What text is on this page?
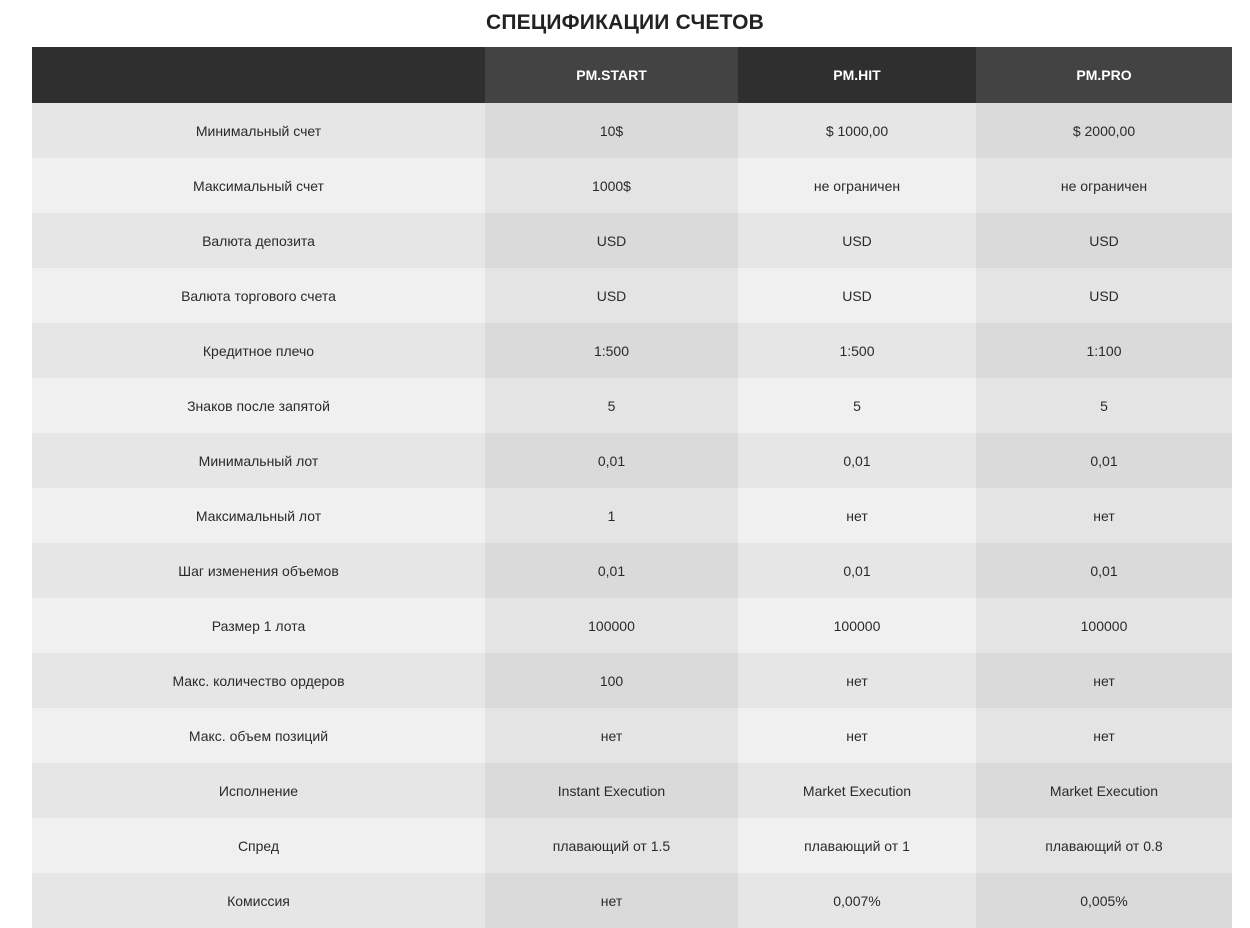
СПЕЦИФИКАЦИИ СЧЕТОВ
	PM.START	PM.HIT	PM.PRO
Минимальный счет	10$	$ 1000,00	$ 2000,00
Максимальный счет	1000$	не ограничен	не ограничен
Валюта депозита	USD	USD	USD
Валюта торгового счета	USD	USD	USD
Кредитное плечо	1:500	1:500	1:100
Знаков после запятой	5	5	5
Минимальный лот	0,01	0,01	0,01
Максимальный лот	1	нет	нет
Шаг изменения объемов	0,01	0,01	0,01
Размер 1 лота	100000	100000	100000
Макс. количество ордеров	100	нет	нет
Макс. объем позиций	нет	нет	нет
Исполнение	Instant Execution	Market Execution	Market Execution
Спред	плавающий от 1.5	плавающий от 1	плавающий от 0.8
Комиссия	нет	0,007%	0,005%
